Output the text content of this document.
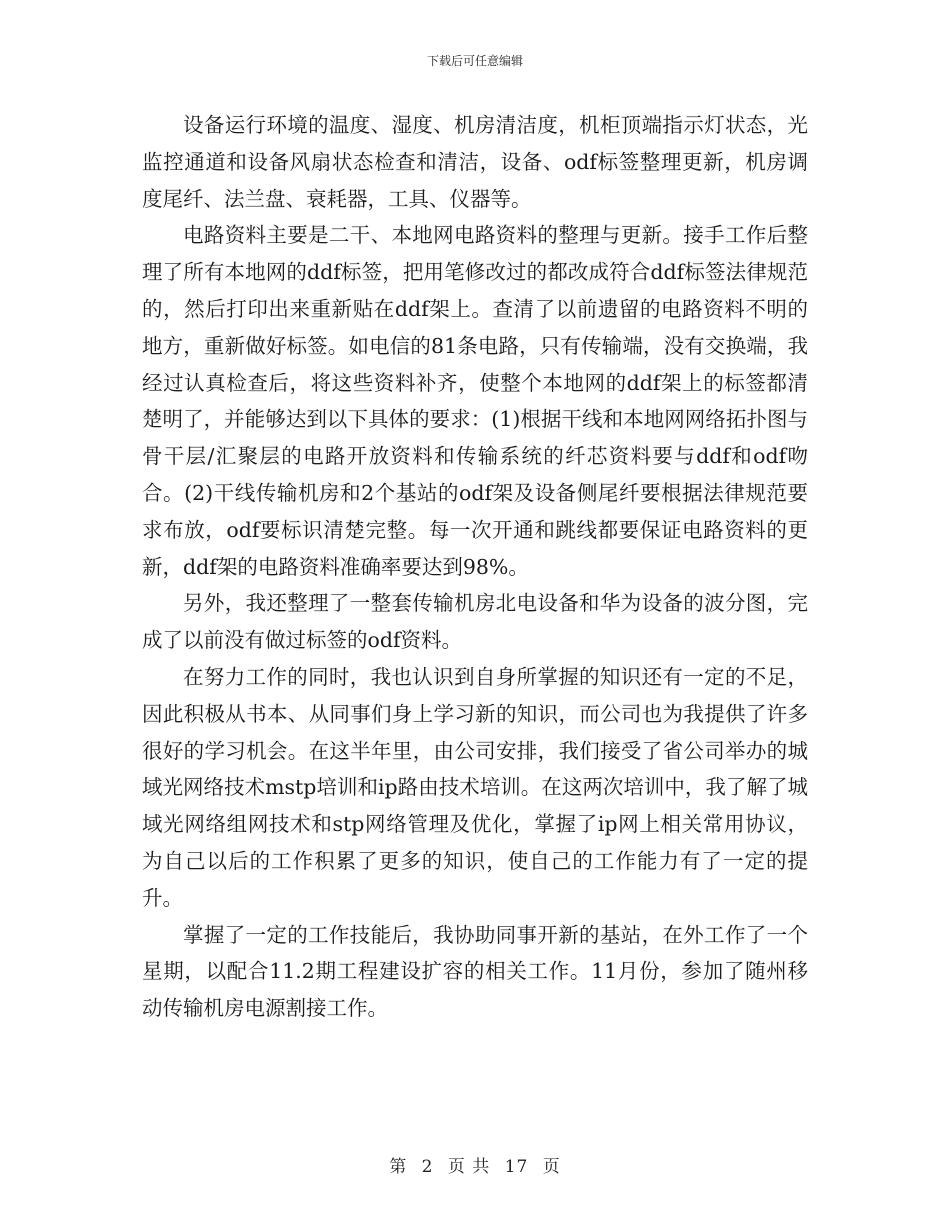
下载后可任意编辑

设备运行环境的温度、湿度、机房清洁度，机柜顶端指示灯状态，光监控通道和设备风扇状态检查和清洁，设备、odf标签整理更新，机房调度尾纤、法兰盘、衰耗器，工具、仪器等。

电路资料主要是二干、本地网电路资料的整理与更新。接手工作后整理了所有本地网的ddf标签，把用笔修改过的都改成符合ddf标签法律规范的，然后打印出来重新贴在ddf架上。查清了以前遗留的电路资料不明的地方，重新做好标签。如电信的81条电路，只有传输端，没有交换端，我经过认真检查后，将这些资料补齐，使整个本地网的ddf架上的标签都清楚明了，并能够达到以下具体的要求：(1)根据干线和本地网网络拓扑图与骨干层/汇聚层的电路开放资料和传输系统的纤芯资料要与ddf和odf吻合。(2)干线传输机房和2个基站的odf架及设备侧尾纤要根据法律规范要求布放，odf要标识清楚完整。每一次开通和跳线都要保证电路资料的更新，ddf架的电路资料准确率要达到98%。

另外，我还整理了一整套传输机房北电设备和华为设备的波分图，完成了以前没有做过标签的odf资料。

在努力工作的同时，我也认识到自身所掌握的知识还有一定的不足，因此积极从书本、从同事们身上学习新的知识，而公司也为我提供了许多很好的学习机会。在这半年里，由公司安排，我们接受了省公司举办的城域光网络技术mstp培训和ip路由技术培训。在这两次培训中，我了解了城域光网络组网技术和stp网络管理及优化，掌握了ip网上相关常用协议，为自己以后的工作积累了更多的知识，使自己的工作能力有了一定的提升。

掌握了一定的工作技能后，我协助同事开新的基站，在外工作了一个星期，以配合11.2期工程建设扩容的相关工作。11月份，参加了随州移动传输机房电源割接工作。

第 2 页 共 17 页
